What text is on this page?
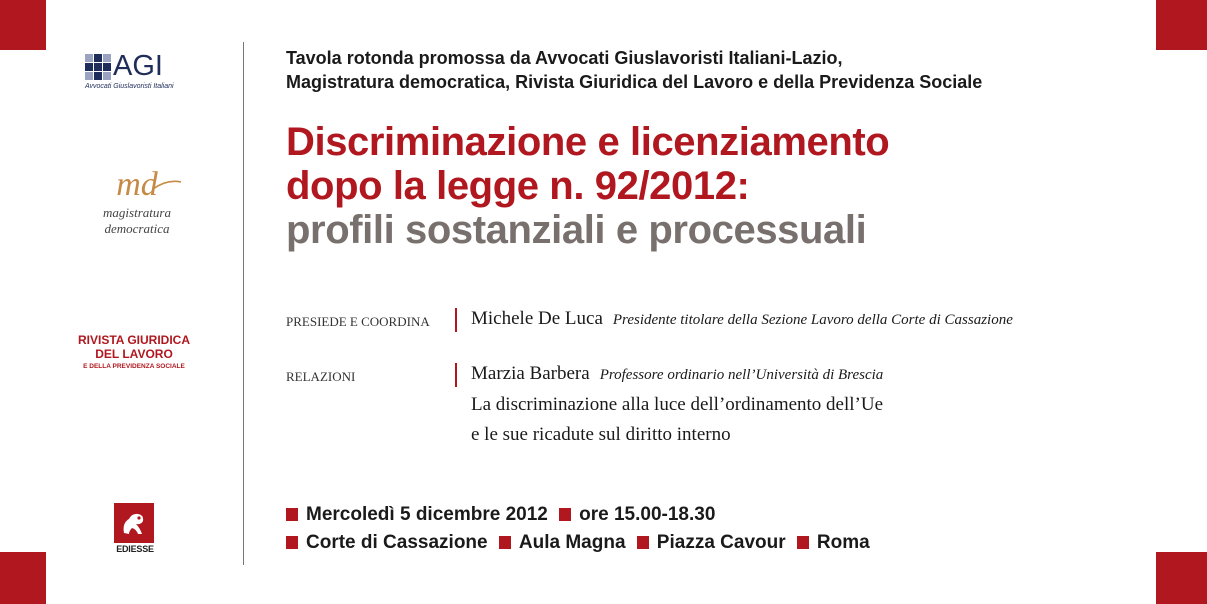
AGI
Avvocati Giuslavoristi Italiani
md
magistratura
democratica
RIVISTA GIURIDICA
DEL LAVORO
E DELLA PREVIDENZA SOCIALE
EDIESSE
Tavola rotonda promossa da Avvocati Giuslavoristi Italiani-Lazio,
Magistratura democratica, Rivista Giuridica del Lavoro e della Previdenza Sociale
Discriminazione e licenziamento
dopo la legge n. 92/2012:
profili sostanziali e processuali
PRESIEDE E COORDINA Michele De Luca Presidente titolare della Sezione Lavoro della Corte di Cassazione
RELAZIONI	Marzia Barbera Professore ordinario nell’Università di Brescia
La discriminazione alla luce dell’ordinamento dell’Ue
e le sue ricadute sul diritto interno
Mercoledì 5 dicembre 2012 ore 15.00-18.30
Corte di Cassazione Aula Magna Piazza Cavour Roma
